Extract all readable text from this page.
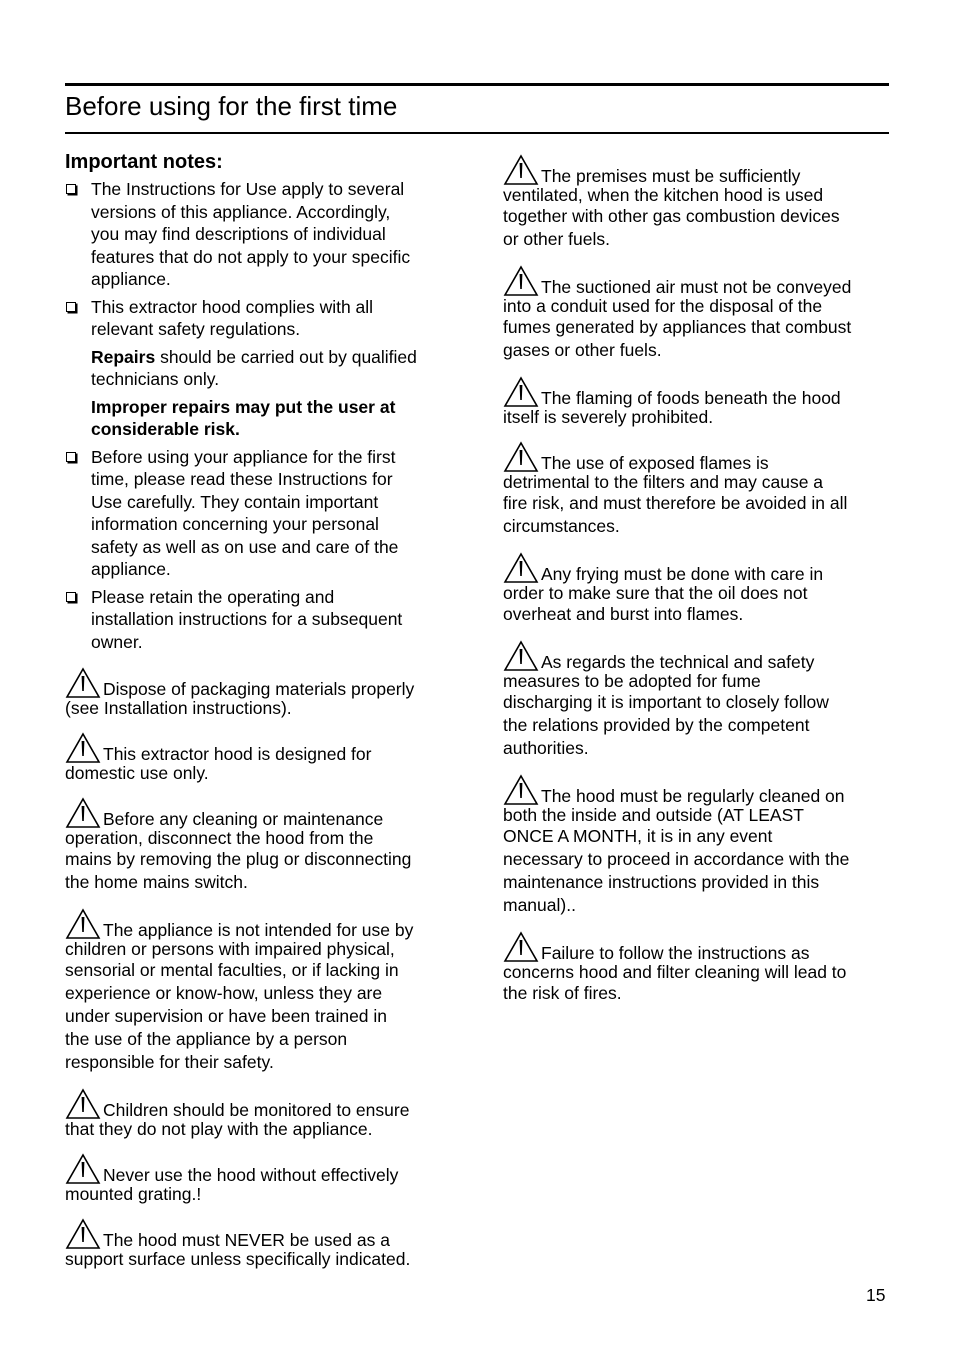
Before using for the first time
Important notes:
The Instructions for Use apply to several
versions of this appliance. Accordingly,
you may find descriptions of individual
features that do not apply to your specific
appliance.
This extractor hood complies with all
relevant safety regulations.
Repairs should be carried out by qualified
technicians only.
Improper repairs may put the user at
considerable risk.
Before using your appliance for the first
time, please read these Instructions for
Use carefully. They contain important
information concerning your personal
safety as well as on use and care of the
appliance.
Please retain the operating and
installation instructions for a subsequent
owner.
Dispose of packaging materials properly
(see Installation instructions).
This extractor hood is designed for
domestic use only.
Before any cleaning or maintenance
operation, disconnect the hood from the
mains by removing the plug or disconnecting
the home mains switch.
The appliance is not intended for use by
children or persons with impaired physical,
sensorial or mental faculties, or if lacking in
experience or know-how, unless they are
under supervision or have been trained in
the use of the appliance by a person
responsible for their safety.
Children should be monitored to ensure
that they do not play with the appliance.
Never use the hood without effectively
mounted grating.!
The hood must NEVER be used as a
support surface unless specifically indicated.
The premises must be sufficiently
ventilated, when the kitchen hood is used
together with other gas combustion devices
or other fuels.
The suctioned air must not be conveyed
into a conduit used for the disposal of the
fumes generated by appliances that combust
gases or other fuels.
The flaming of foods beneath the hood
itself is severely prohibited.
The use of exposed flames is
detrimental to the filters and may cause a
fire risk, and must therefore be avoided in all
circumstances.
Any frying must be done with care in
order to make sure that the oil does not
overheat and burst into flames.
As regards the technical and safety
measures to be adopted for fume
discharging it is important to closely follow
the relations provided by the competent
authorities.
The hood must be regularly cleaned on
both the inside and outside (AT LEAST
ONCE A MONTH, it is in any event
necessary to proceed in accordance with the
maintenance instructions provided in this
manual)..
Failure to follow the instructions as
concerns hood and filter cleaning will lead to
the risk of fires.
15
